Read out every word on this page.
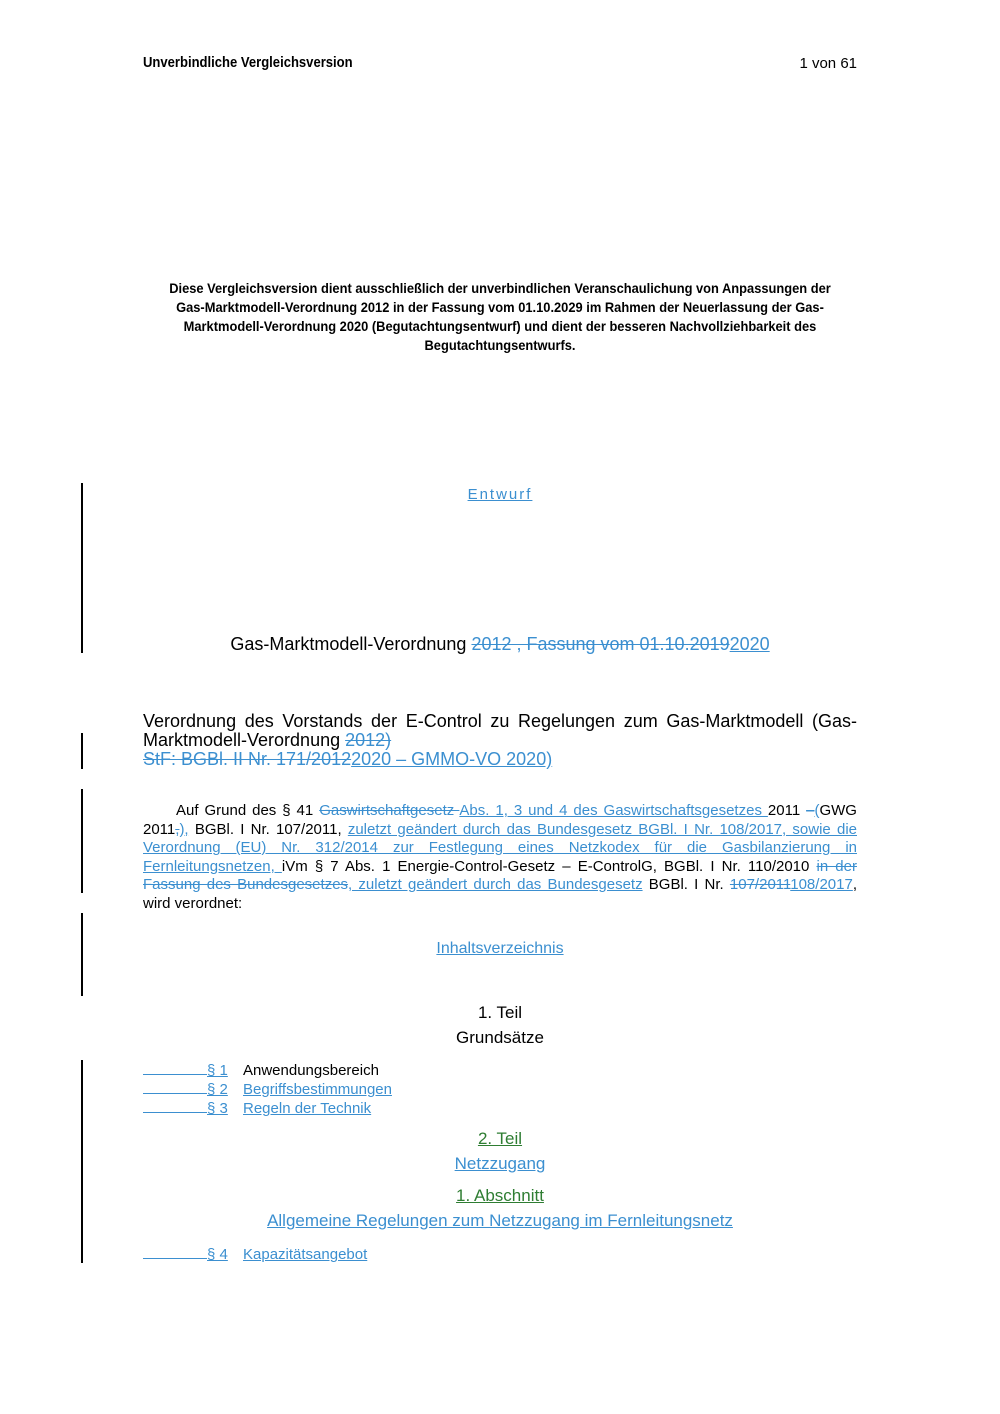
Unverbindliche Vergleichsversion	1 von 61
Diese Vergleichsversion dient ausschließlich der unverbindlichen Veranschaulichung von Anpassungen der Gas-Marktmodell-Verordnung 2012 in der Fassung vom 01.10.2029 im Rahmen der Neuerlassung der Gas-Marktmodell-Verordnung 2020 (Begutachtungsentwurf) und dient der besseren Nachvollziehbarkeit des Begutachtungsentwurfs.
Entwurf
Gas-Marktmodell-Verordnung 2012 , Fassung vom 01.10.20192020
Verordnung des Vorstands der E-Control zu Regelungen zum Gas-Marktmodell (Gas-
Marktmodell-Verordnung 2012)
StF: BGBl. II Nr. 171/20122020 – GMMO-VO 2020)
Auf Grund des § 41 Gaswirtschaftgesetz Abs. 1, 3 und 4 des Gaswirtschaftsgesetzes 2011 –(GWG 2011,), BGBl. I Nr. 107/2011, zuletzt geändert durch das Bundesgesetz BGBl. I Nr. 108/2017, sowie die Verordnung (EU) Nr. 312/2014 zur Festlegung eines Netzkodex für die Gasbilanzierung in Fernleitungsnetzen, iVm § 7 Abs. 1 Energie-Control-Gesetz – E-ControlG, BGBl. I Nr. 110/2010 in der Fassung des Bundesgesetzes, zuletzt geändert durch das Bundesgesetz BGBl. I Nr. 107/2011108/2017, wird verordnet:
Inhaltsverzeichnis
1. Teil
Grundsätze
§ 1 Anwendungsbereich
§ 2 Begriffsbestimmungen
§ 3 Regeln der Technik
2. Teil
Netzzugang
1. Abschnitt
Allgemeine Regelungen zum Netzzugang im Fernleitungsnetz
§ 4 Kapazitätsangebot
